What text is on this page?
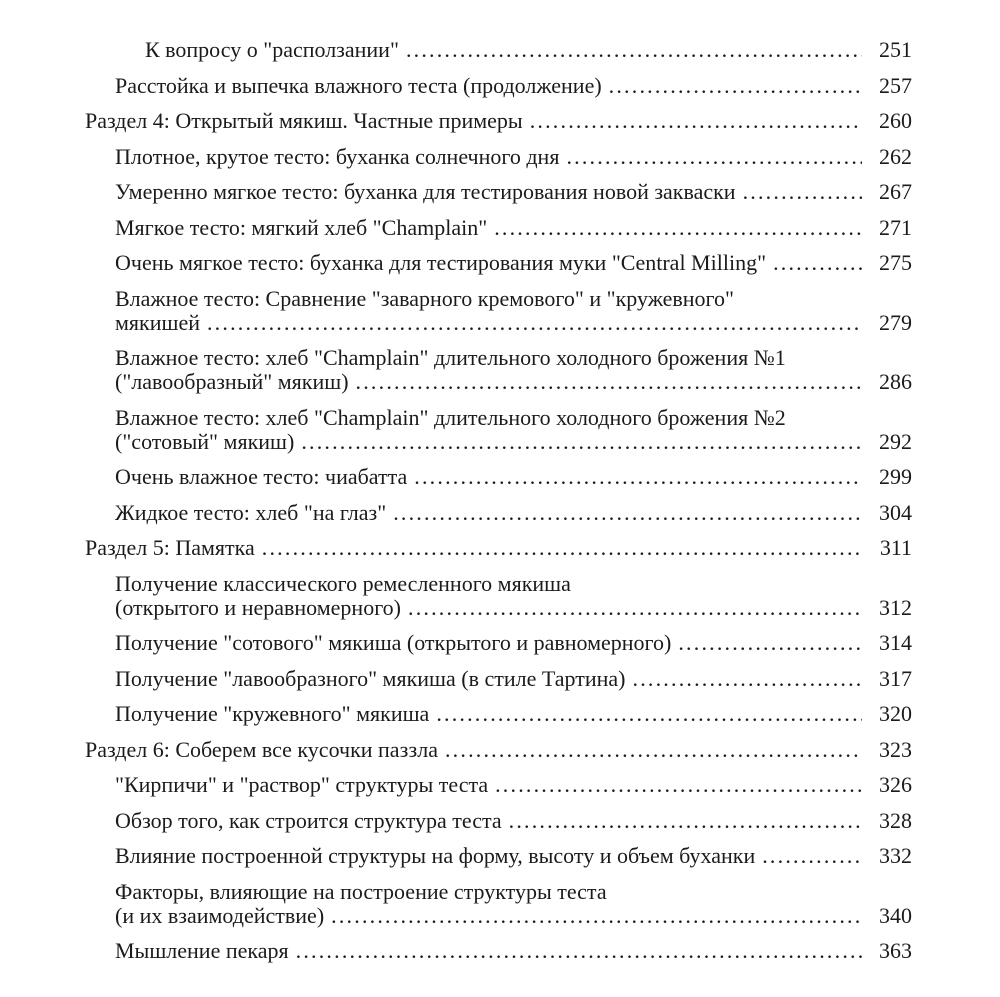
К вопросу о "расползании" .....	251
Расстойка и выпечка влажного теста (продолжение) .....	257
Раздел 4: Открытый мякиш. Частные примеры .....	260
Плотное, крутое тесто: буханка солнечного дня .....	262
Умеренно мягкое тесто: буханка для тестирования новой закваски .....	267
Мягкое тесто: мягкий хлеб "Champlain" .....	271
Очень мягкое тесто: буханка для тестирования муки "Central Milling" .....	275
Влажное тесто: Сравнение "заварного кремового" и "кружевного"
мякишей .....	279
Влажное тесто: хлеб "Champlain" длительного холодного брожения №1
("лавообразный" мякиш) .....	286
Влажное тесто: хлеб "Champlain" длительного холодного брожения №2
("сотовый" мякиш) .....	292
Очень влажное тесто: чиабатта .....	299
Жидкое тесто: хлеб "на глаз" .....	304
Раздел 5: Памятка .....	311
Получение классического ремесленного мякиша
(открытого и неравномерного) .....	312
Получение "сотового" мякиша (открытого и равномерного) .....	314
Получение "лавообразного" мякиша (в стиле Тартина) .....	317
Получение "кружевного" мякиша .....	320
Раздел 6: Соберем все кусочки паззла .....	323
"Кирпичи" и "раствор" структуры теста .....	326
Обзор того, как строится структура теста .....	328
Влияние построенной структуры на форму, высоту и объем буханки .....	332
Факторы, влияющие на построение структуры теста
(и их взаимодействие) .....	340
Мышление пекаря .....	363
